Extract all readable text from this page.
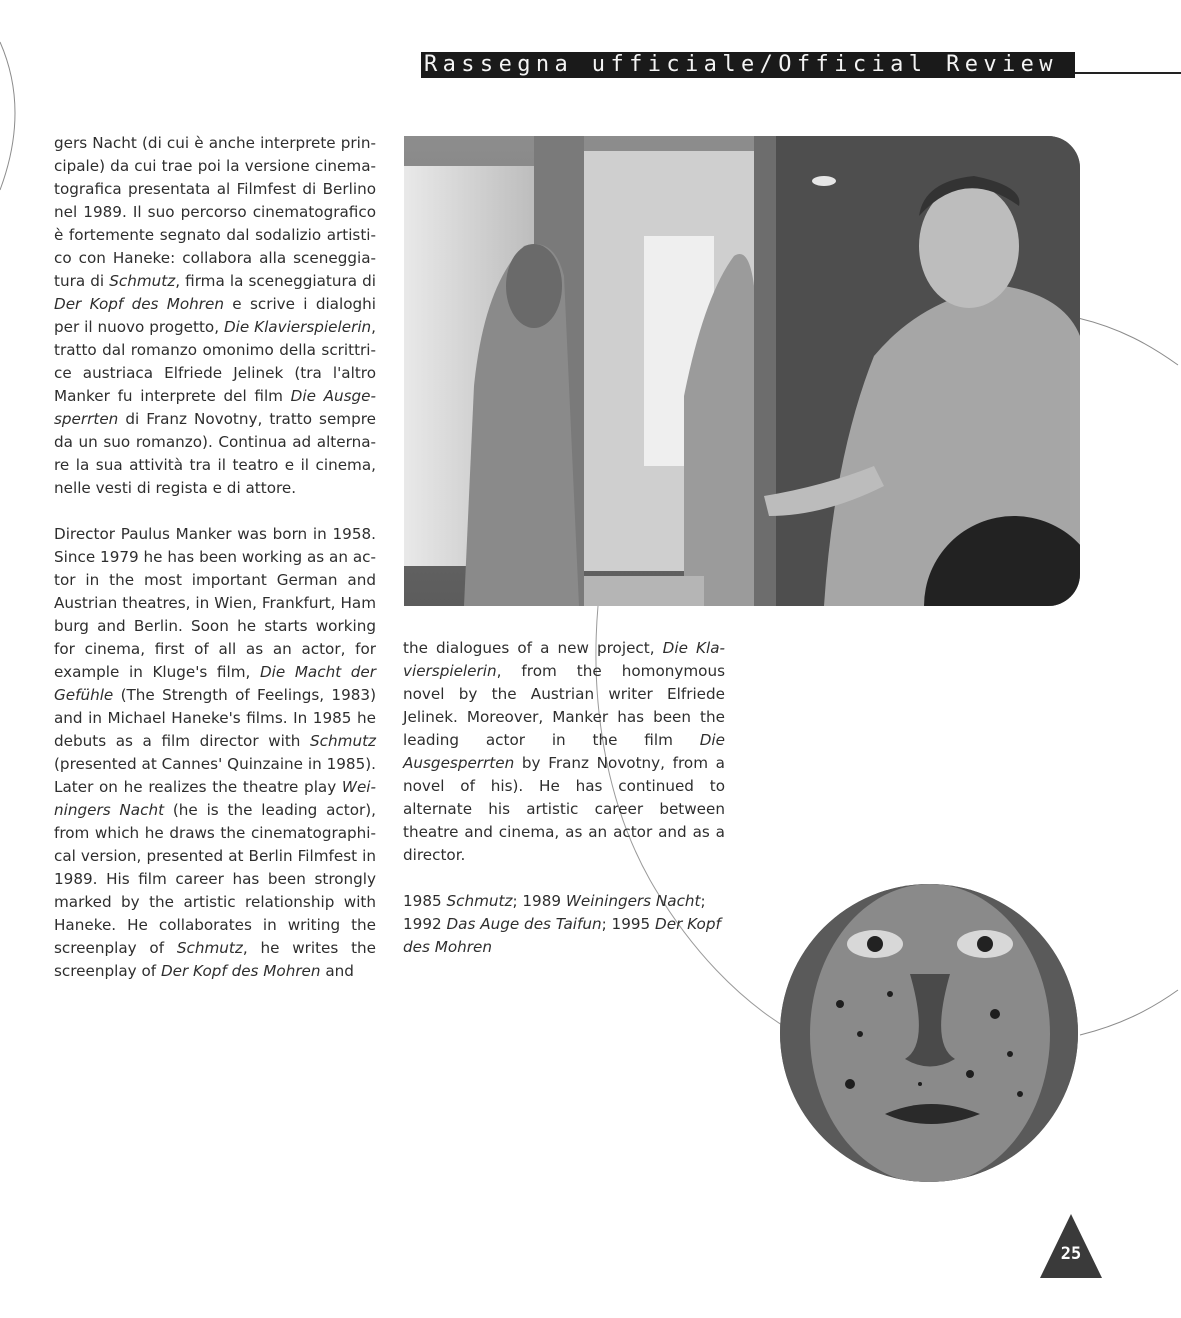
Rassegna ufficiale/Official Review

gers Nacht (di cui è anche interprete principale) da cui trae poi la versione cinematografica presentata al Filmfest di Berlino nel 1989. Il suo percorso cinematografico è fortemente segnato dal sodalizio artistico con Haneke: collabora alla sceneggiatura di Schmutz, firma la sceneggiatura di Der Kopf des Mohren e scrive i dialoghi per il nuovo progetto, Die Klavierspielerin, tratto dal romanzo omonimo della scrittrice austriaca Elfriede Jelinek (tra l'altro Manker fu interprete del film Die Ausgesperrten di Franz Novotny, tratto sempre da un suo romanzo). Continua ad alternare la sua attività tra il teatro e il cinema, nelle vesti di regista e di attore.

Director Paulus Manker was born in 1958. Since 1979 he has been working as an actor in the most important German and Austrian theatres, in Wien, Frankfurt, Ham burg and Berlin. Soon he starts working for cinema, first of all as an actor, for example in Kluge's film, Die Macht der Gefühle (The Strength of Feelings, 1983) and in Michael Haneke's films. In 1985 he debuts as a film director with Schmutz (presented at Cannes' Quinzaine in 1985). Later on he realizes the theatre play Weiningers Nacht (he is the leading actor), from which he draws the cinematographical version, presented at Berlin Filmfest in 1989. His film career has been strongly marked by the artistic relationship with Haneke. He collaborates in writing the screenplay of Schmutz, he writes the screenplay of Der Kopf des Mohren and

the dialogues of a new project, Die Klavierspielerin, from the homonymous novel by the Austrian writer Elfriede Jelinek. Moreover, Manker has been the leading actor in the film Die Ausgesperrten by Franz Novotny, from a novel of his). He has continued to alternate his artistic career between theatre and cinema, as an actor and as a director.

1985 Schmutz; 1989 Weiningers Nacht; 1992 Das Auge des Taifun; 1995 Der Kopf des Mohren

25
